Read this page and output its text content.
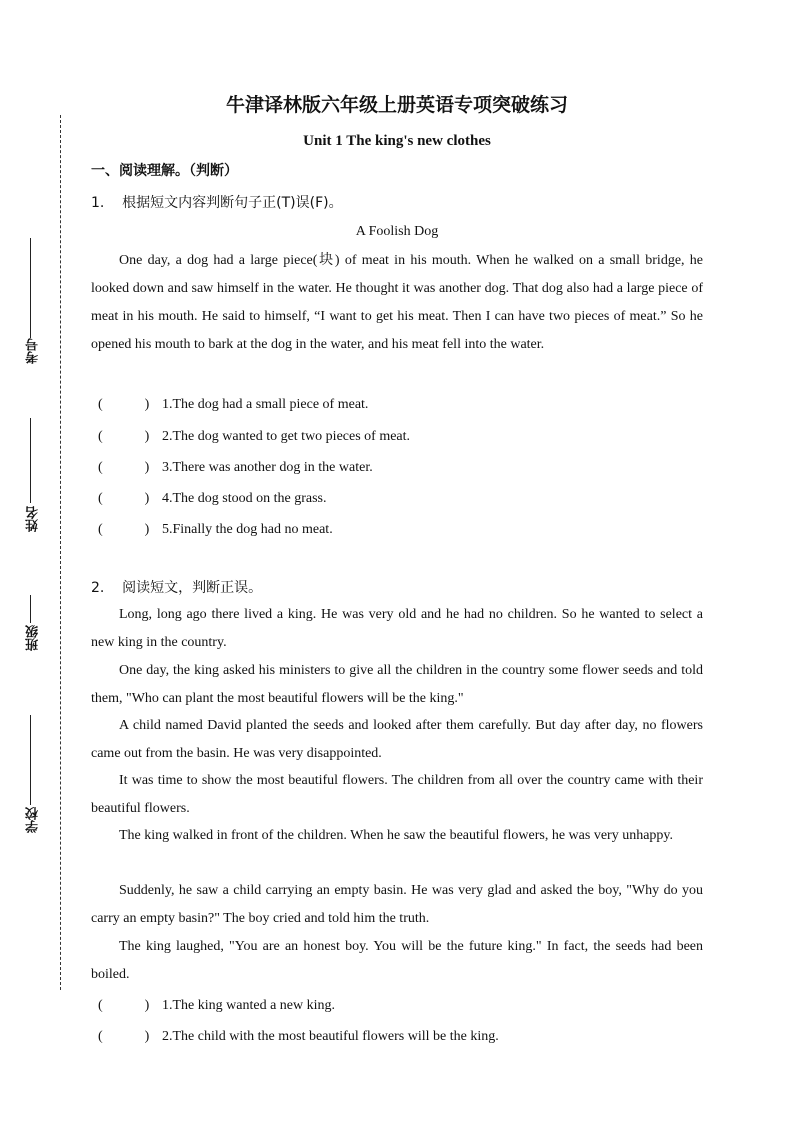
考号
姓名
班级
学校
牛津译林版六年级上册英语专项突破练习
Unit 1 The king's new clothes
一、阅读理解。（判断）
1.    根据短文内容判断句子正(T)误(F)。
A Foolish Dog

One day, a dog had a large piece(块) of meat in his mouth. When he walked on a small bridge, he looked down and saw himself in the water. He thought it was another dog. That dog also had a large piece of meat in his mouth. He said to himself, “I want to get his meat. Then I can have two pieces of meat.” So he opened his mouth to bark at the dog in the water, and his meat fell into the water.

(　　　) 1.The dog had a small piece of meat.
(　　　) 2.The dog wanted to get two pieces of meat.
(　　　) 3.There was another dog in the water.
(　　　) 4.The dog stood on the grass.
(　　　) 5.Finally the dog had no meat.
2.    阅读短文，判断正误。

Long, long ago there lived a king. He was very old and he had no children. So he wanted to select a new king in the country.

One day, the king asked his ministers to give all the children in the country some flower seeds and told them, "Who can plant the most beautiful flowers will be the king."

A child named David planted the seeds and looked after them carefully. But day after day, no flowers came out from the basin. He was very disappointed.

It was time to show the most beautiful flowers. The children from all over the country came with their beautiful flowers.

The king walked in front of the children. When he saw the beautiful flowers, he was very unhappy.

Suddenly, he saw a child carrying an empty basin. He was very glad and asked the boy, "Why do you carry an empty basin?" The boy cried and told him the truth.

The king laughed, "You are an honest boy. You will be the future king." In fact, the seeds had been boiled.

(　　　) 1.The king wanted a new king.
(　　　) 2.The child with the most beautiful flowers will be the king.
